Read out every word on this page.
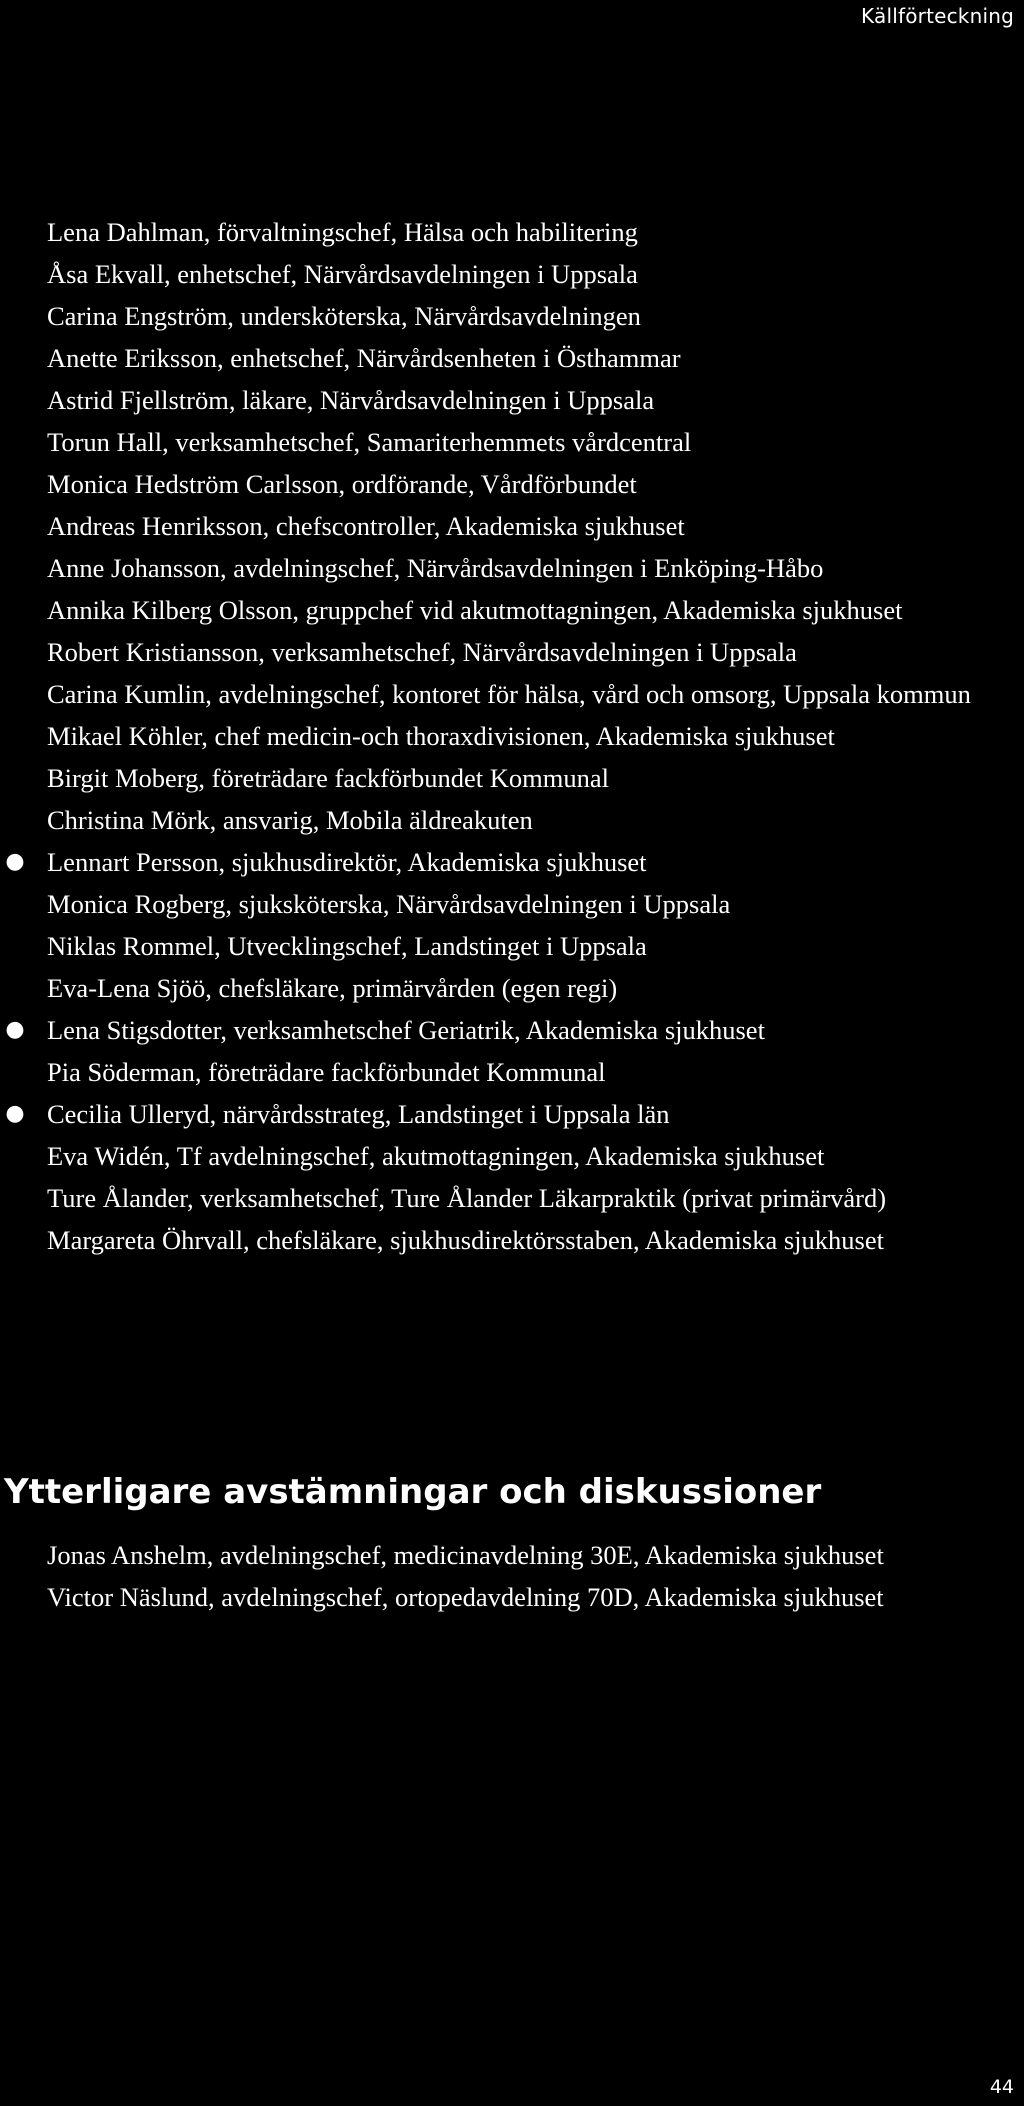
Källförteckning
Lena Dahlman, förvaltningschef, Hälsa och habilitering
Åsa Ekvall, enhetschef, Närvårdsavdelningen i Uppsala
Carina Engström, undersköterska, Närvårdsavdelningen
Anette Eriksson, enhetschef, Närvårdsenheten i Östhammar
Astrid Fjellström, läkare, Närvårdsavdelningen i Uppsala
Torun Hall, verksamhetschef, Samariterhemmets vårdcentral
Monica Hedström Carlsson, ordförande, Vårdförbundet
Andreas Henriksson, chefscontroller, Akademiska sjukhuset
Anne Johansson, avdelningschef, Närvårdsavdelningen i Enköping-Håbo
Annika Kilberg Olsson, gruppchef vid akutmottagningen, Akademiska sjukhuset
Robert Kristiansson, verksamhetschef, Närvårdsavdelningen i Uppsala
Carina Kumlin, avdelningschef, kontoret för hälsa, vård och omsorg, Uppsala kommun
Mikael Köhler, chef medicin-och thoraxdivisionen, Akademiska sjukhuset
Birgit Moberg, företrädare fackförbundet Kommunal
Christina Mörk, ansvarig, Mobila äldreakuten
● Lennart Persson, sjukhusdirektör, Akademiska sjukhuset
Monica Rogberg, sjuksköterska, Närvårdsavdelningen i Uppsala
Niklas Rommel, Utvecklingschef, Landstinget i Uppsala
Eva-Lena Sjöö, chefsläkare, primärvården (egen regi)
● Lena Stigsdotter, verksamhetschef Geriatrik, Akademiska sjukhuset
Pia Söderman, företrädare fackförbundet Kommunal
● Cecilia Ulleryd, närvårdsstrateg, Landstinget i Uppsala län
Eva Widén, Tf avdelningschef, akutmottagningen, Akademiska sjukhuset
Ture Ålander, verksamhetschef, Ture Ålander Läkarpraktik (privat primärvård)
Margareta Öhrvall, chefsläkare, sjukhusdirektörsstaben, Akademiska sjukhuset
Ytterligare avstämningar och diskussioner
Jonas Anshelm, avdelningschef, medicinavdelning 30E, Akademiska sjukhuset
Victor Näslund, avdelningschef, ortopedavdelning 70D, Akademiska sjukhuset
44
